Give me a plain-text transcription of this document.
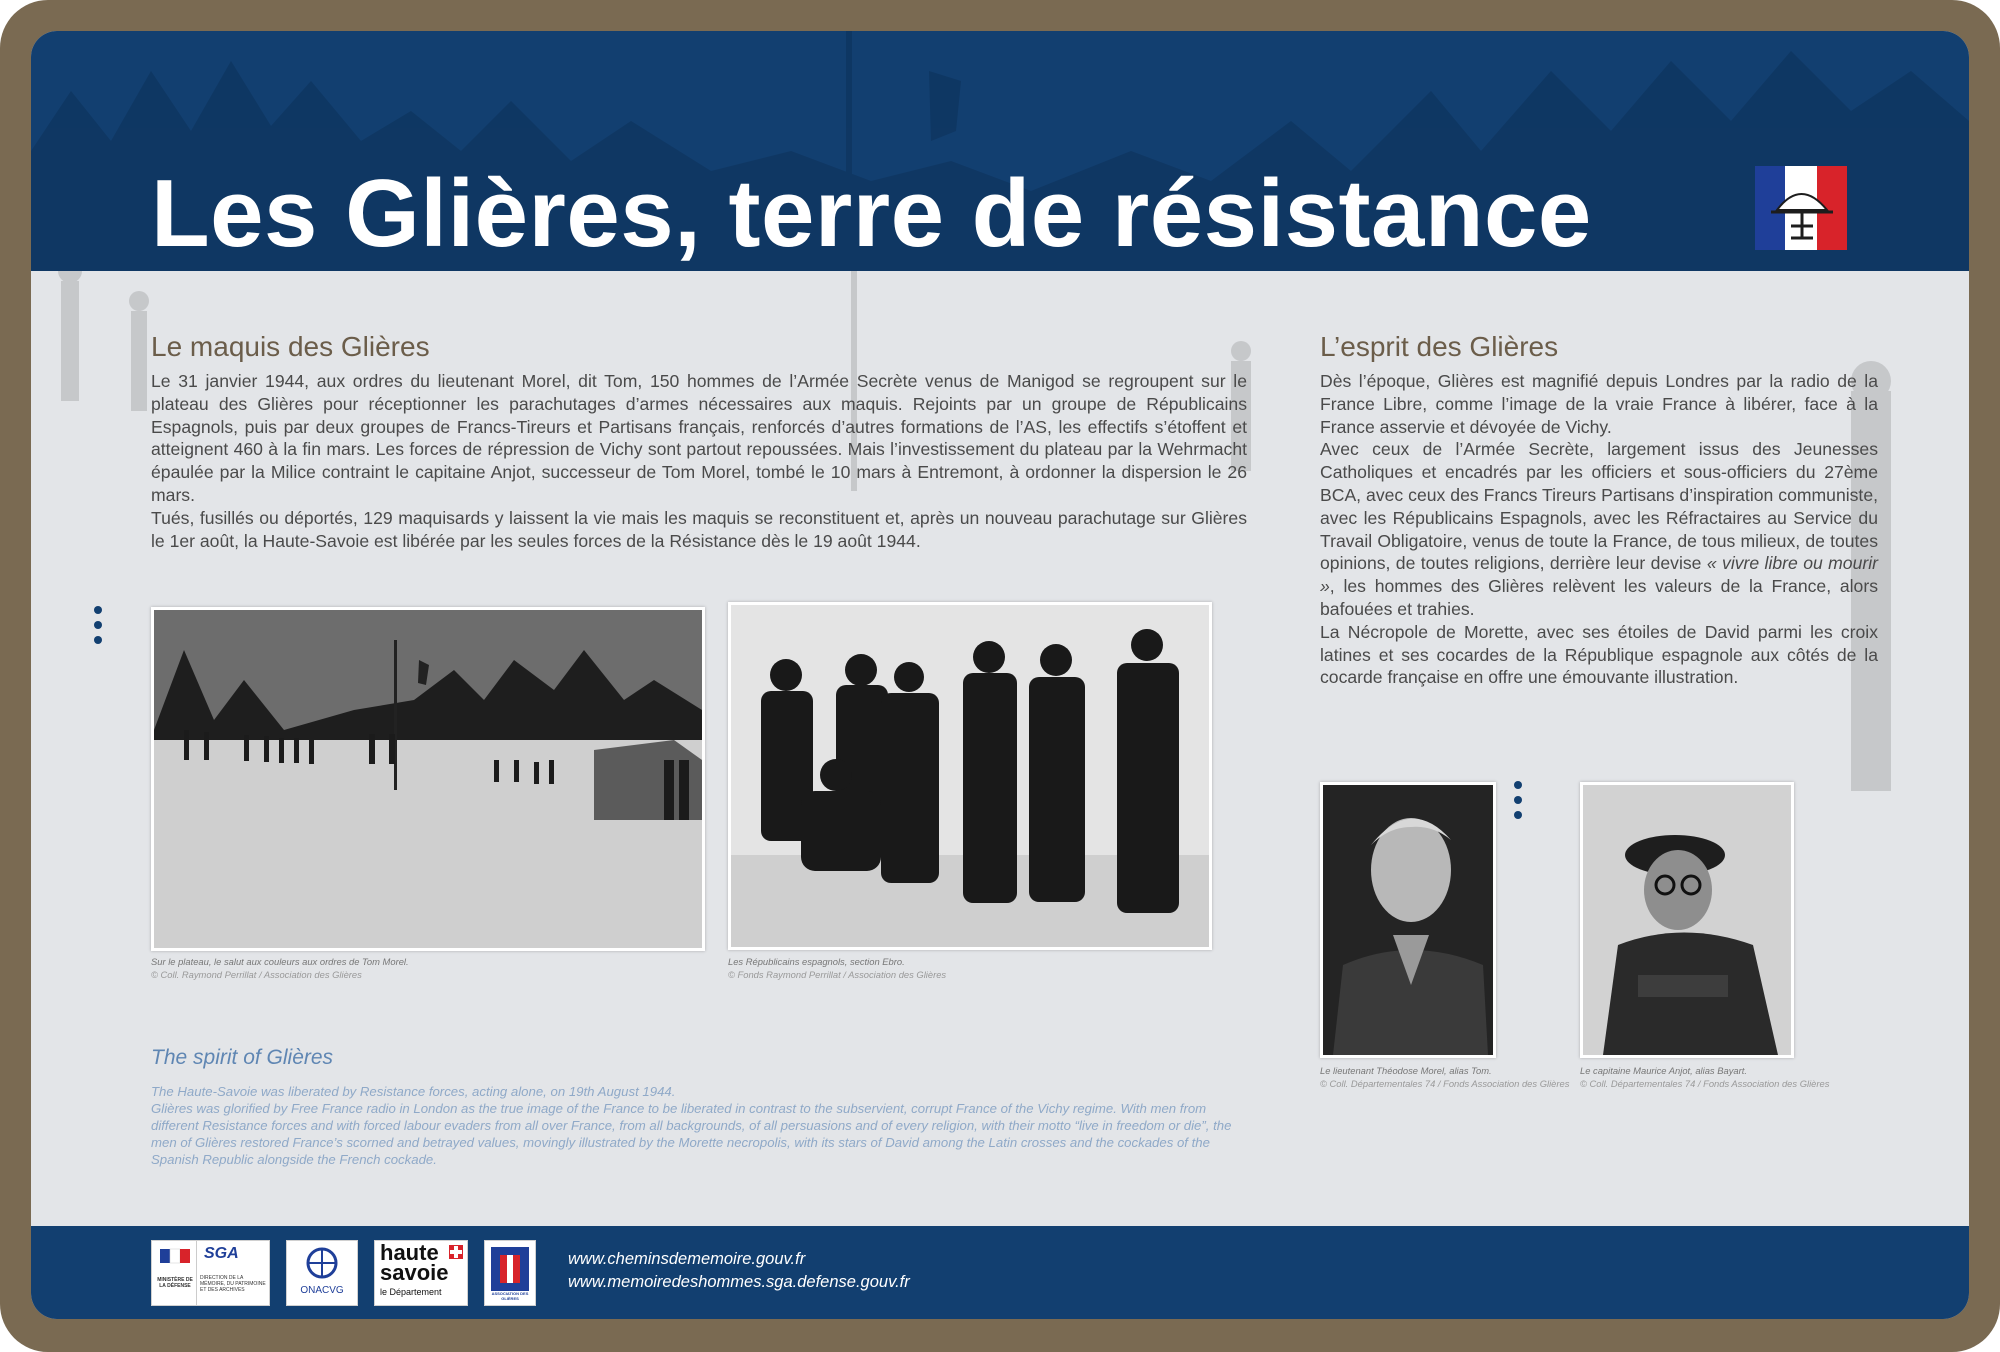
Les Glières, terre de résistance
Le maquis des Glières

Le 31 janvier 1944, aux ordres du lieutenant Morel, dit Tom, 150 hommes de l’Armée Secrète venus de Manigod se regroupent sur le plateau des Glières pour réceptionner les parachutages d’armes nécessaires aux maquis. Rejoints par un groupe de Républicains Espagnols, puis par deux groupes de Francs-Tireurs et Partisans français, renforcés d’autres formations de l’AS, les effectifs s’étoffent et atteignent 460 à la fin mars. Les forces de répression de Vichy sont partout repoussées. Mais l’investissement du plateau par la Wehrmacht épaulée par la Milice contraint le capitaine Anjot, successeur de Tom Morel, tombé le 10 mars à Entremont, à ordonner la dispersion le 26 mars.

Tués, fusillés ou déportés, 129 maquisards y laissent la vie mais les maquis se reconstituent et, après un nouveau parachutage sur Glières le 1er août, la Haute-Savoie est libérée par les seules forces de la Résistance dès le 19 août 1944.

L’esprit des Glières

Dès l’époque, Glières est magnifié depuis Londres par la radio de la France Libre, comme l’image de la vraie France à libérer, face à la France asservie et dévoyée de Vichy.

Avec ceux de l’Armée Secrète, largement issus des Jeunesses Catholiques et encadrés par les officiers et sous-officiers du 27ème BCA, avec ceux des Francs Tireurs Partisans d’inspiration communiste, avec les Républicains Espagnols, avec les Réfractaires au Service du Travail Obligatoire, venus de toute la France, de tous milieux, de toutes opinions, de toutes religions, derrière leur devise « vivre libre ou mourir », les hommes des Glières relèvent les valeurs de la France, alors bafouées et trahies.

La Nécropole de Morette, avec ses étoiles de David parmi les croix latines et ses cocardes de la République espagnole aux côtés de la cocarde française en offre une émouvante illustration.

Sur le plateau, le salut aux couleurs aux ordres de Tom Morel.
© Coll. Raymond Perrillat / Association des Glières
Les Républicains espagnols, section Ebro.
© Fonds Raymond Perrillat / Association des Glières
Le lieutenant Théodose Morel, alias Tom.
© Coll. Départementales 74 / Fonds Association des Glières
Le capitaine Maurice Anjot, alias Bayart.
© Coll. Départementales 74 / Fonds Association des Glières
The spirit of Glières

The Haute-Savoie was liberated by Resistance forces, acting alone, on 19th August 1944.

Glières was glorified by Free France radio in London as the true image of the France to be liberated in contrast to the subservient, corrupt France of the Vichy regime. With men from different Resistance forces and with forced labour evaders from all over France, from all backgrounds, of all persuasions and of every religion, with their motto “live in freedom or die”, the men of Glières restored France’s scorned and betrayed values, movingly illustrated by the Morette necropolis, with its stars of David among the Latin crosses and the cockades of the Spanish Republic alongside the French cockade.

MINISTÈRE DE LA DÉFENSE
SGA
DIRECTION DE LA MÉMOIRE, DU PATRIMOINE ET DES ARCHIVES	ONACVG
haute
savoie
le Département	ASSOCIATION DES GLIÈRES
www.cheminsdememoire.gouv.fr
www.memoiredeshommes.sga.defense.gouv.fr
